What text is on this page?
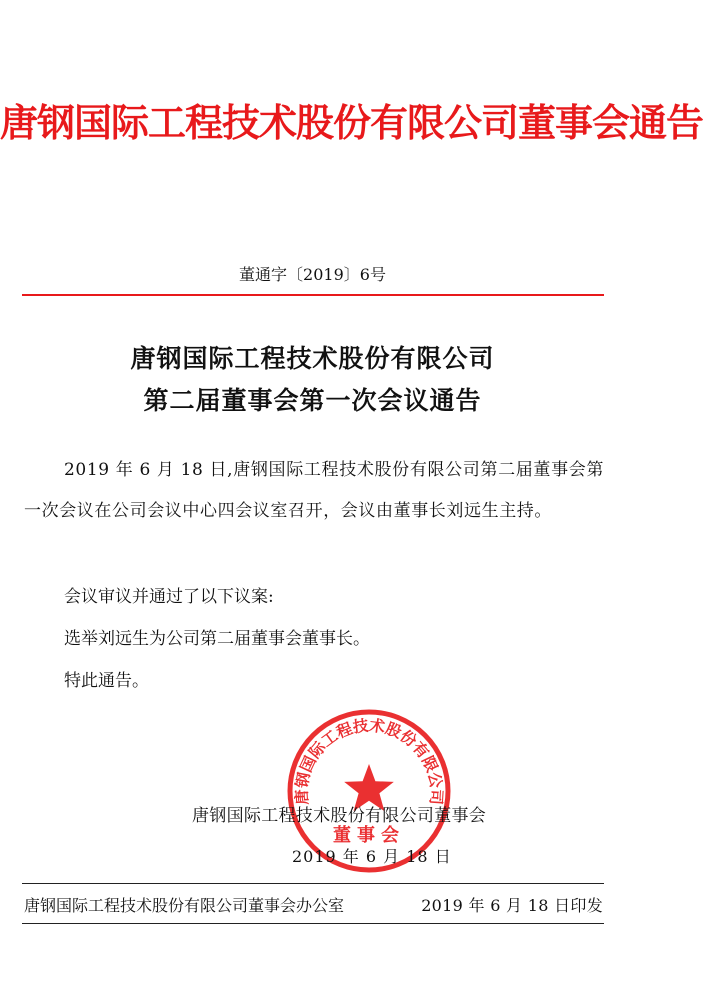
唐钢国际工程技术股份有限公司董事会通告
董通字〔2019〕6号
唐钢国际工程技术股份有限公司
第二届董事会第一次会议通告
2019 年 6 月 18 日,唐钢国际工程技术股份有限公司第二届董事会第一次会议在公司会议中心四会议室召开，会议由董事长刘远生主持。
会议审议并通过了以下议案:
选举刘远生为公司第二届董事会董事长。
特此通告。
唐钢国际工程技术股份有限公司
董事会
唐钢国际工程技术股份有限公司董事会
2019 年 6 月 18 日
唐钢国际工程技术股份有限公司董事会办公室	2019 年 6 月 18 日印发
